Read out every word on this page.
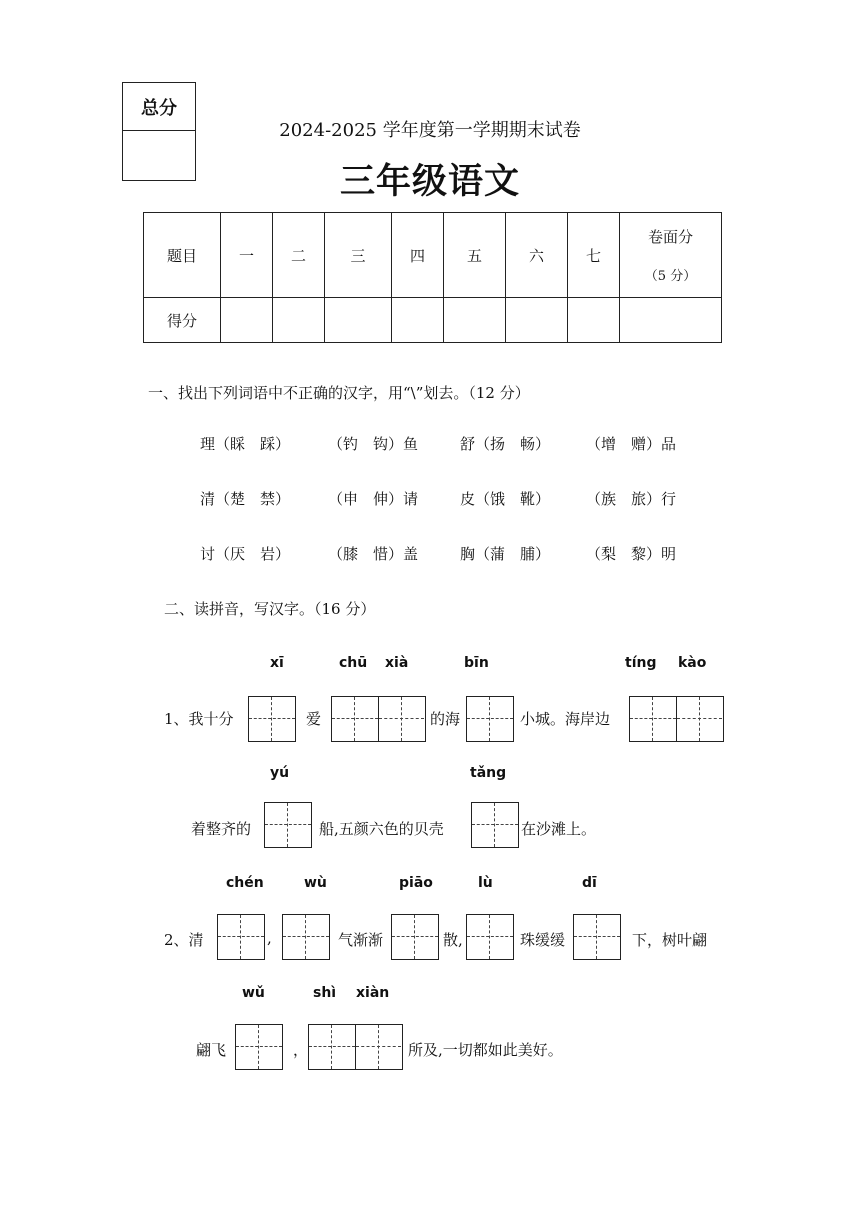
总分
2024-2025 学年度第一学期期末试卷
三年级语文
题目	一	二	三	四	五	六	七	卷面分
（5 分）

得分								
一、找出下列词语中不正确的汉字，用“\”划去。（12 分）
理（睬　踩）	（钓　钩）鱼	舒（扬　畅） （增　赠）品
清（楚　禁）	（申　伸）请	皮（饿　靴） （族　旅）行
讨（厌　岩）	（膝　惜）盖	胸（蒲　脯） （梨　黎）明
二、读拼音，写汉字。（16 分）
xī	chū xià	bīn	tíng kào
1、我十分	爱	的海	小城。海岸边
yú	tǎng
着整齐的	船,五颜六色的贝壳	在沙滩上。
chén	wù	piāo	lù	dī
2、清	,	气渐渐	散,	珠缓缓	下，树叶翩
wǔ	shì xiàn
翩飞	，	所及,一切都如此美好。
